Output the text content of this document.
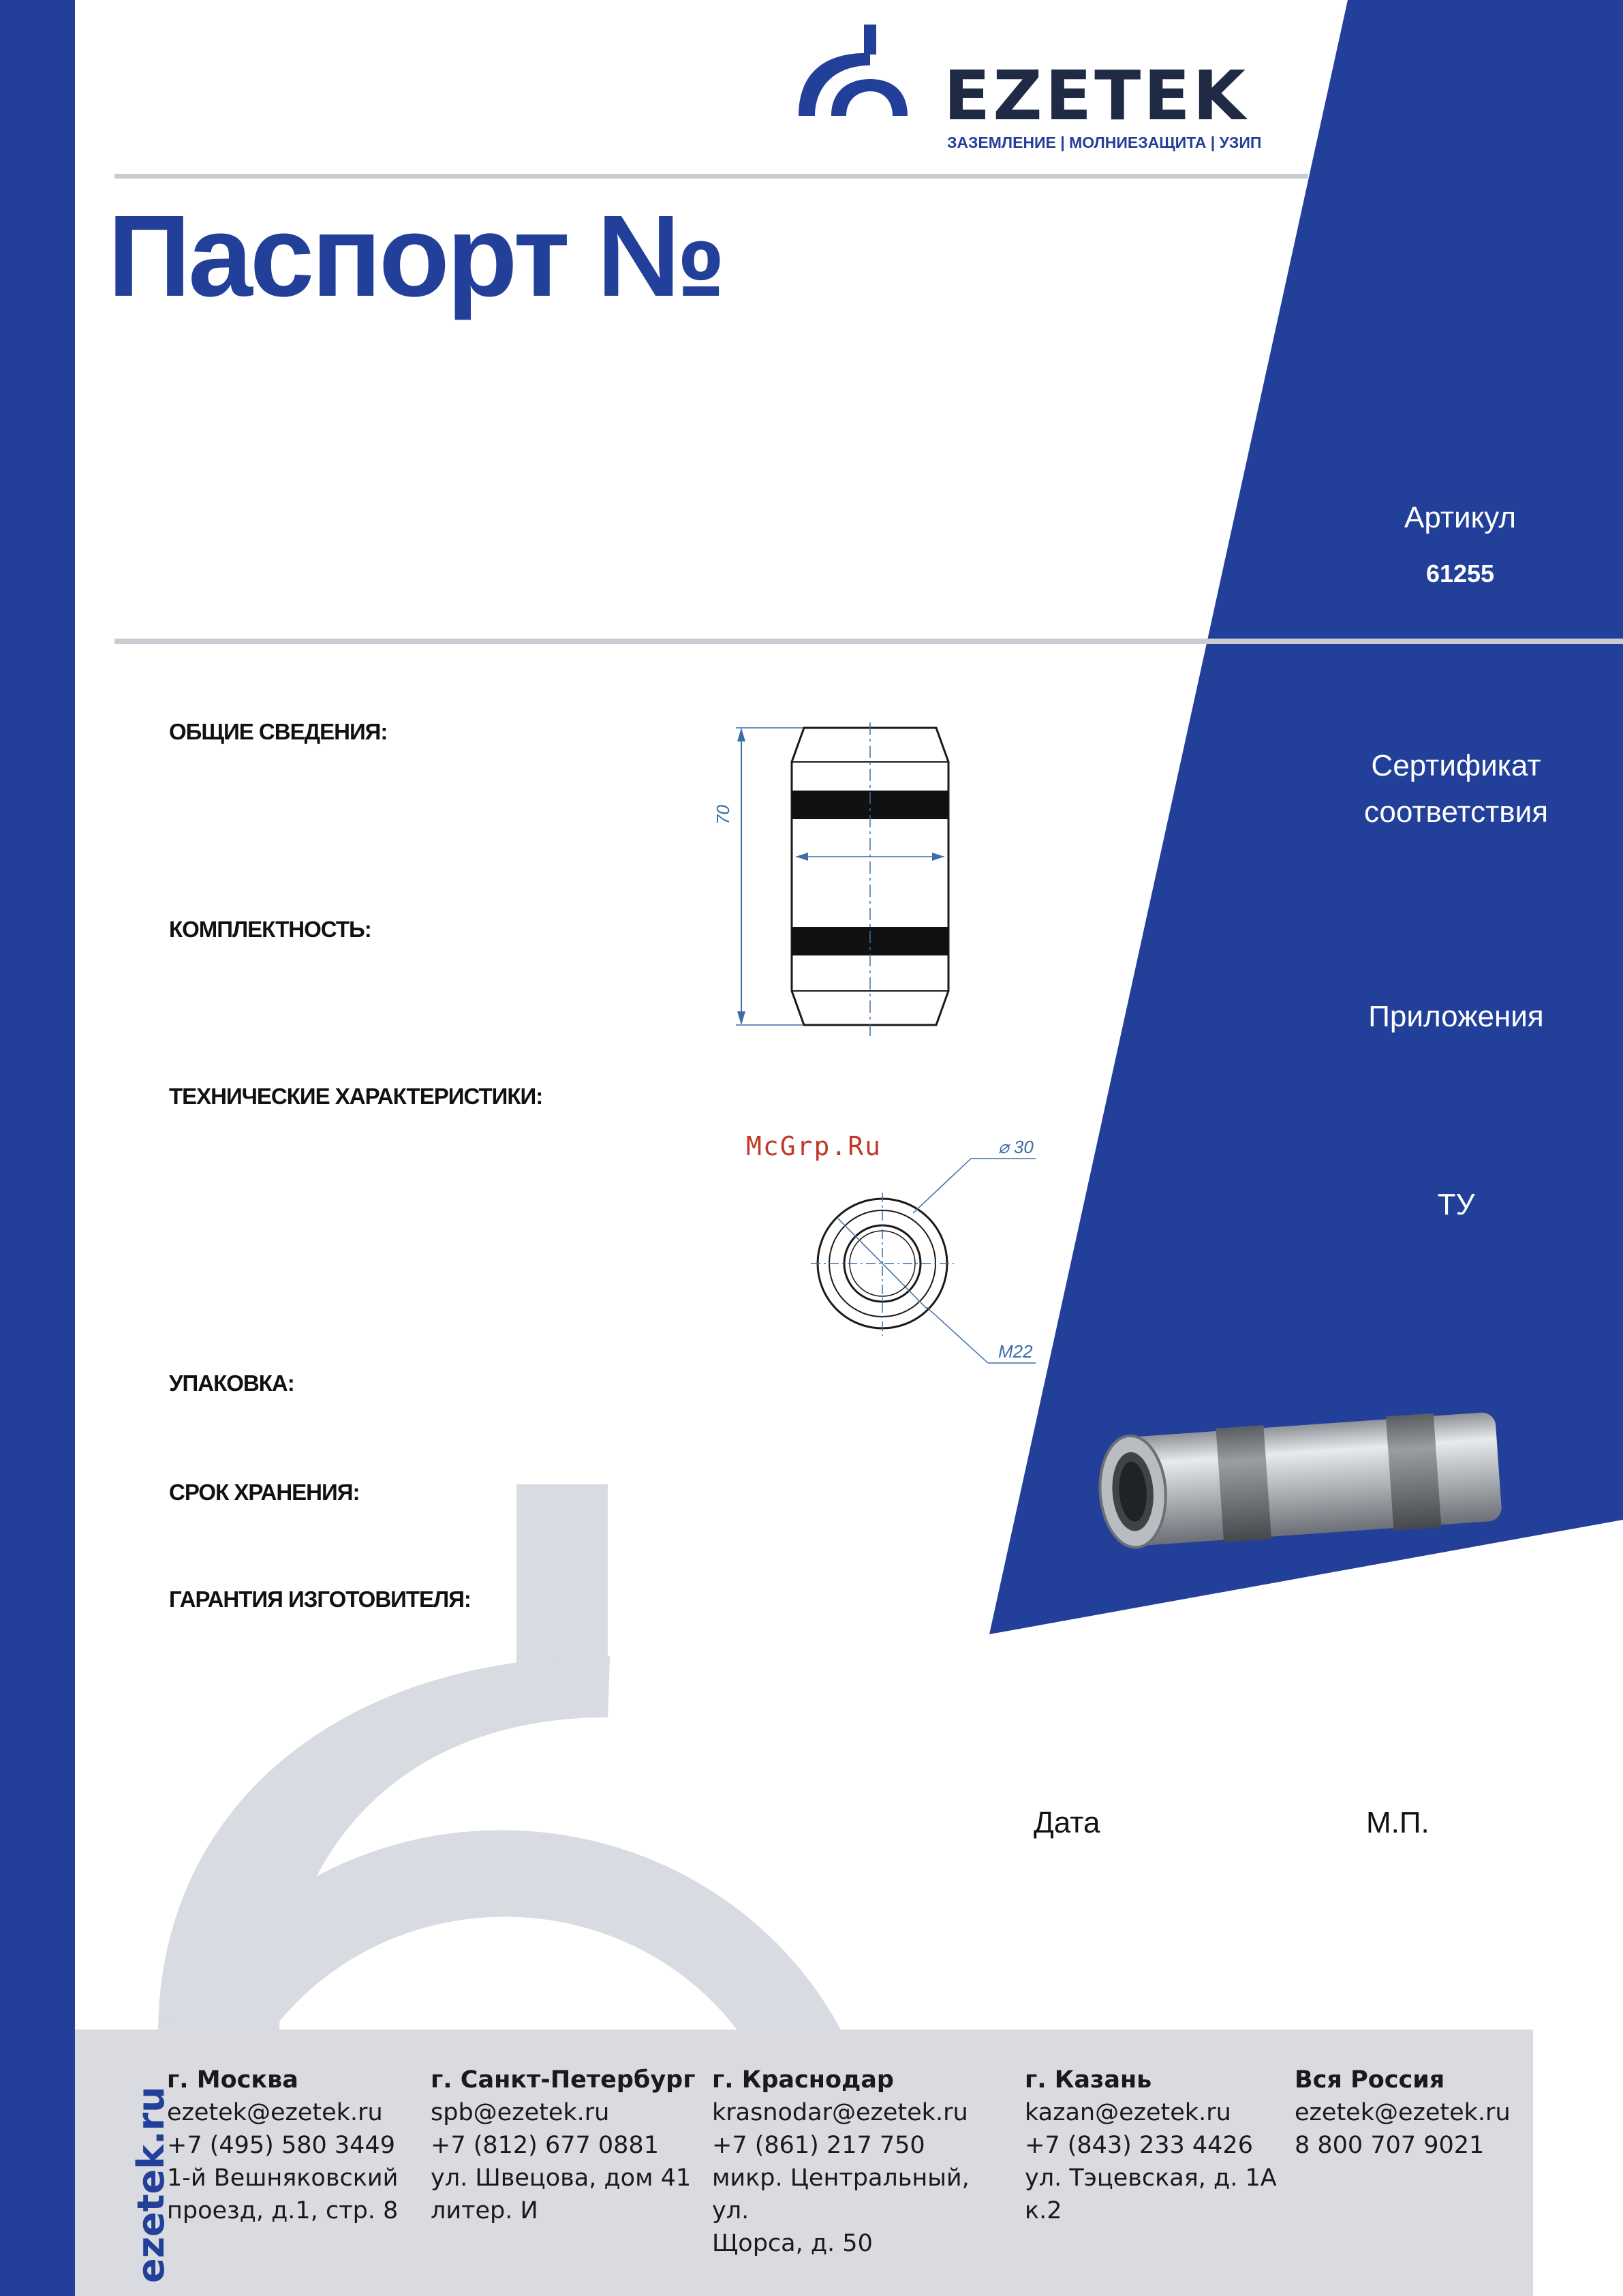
EZETEK
ЗАЗЕМЛЕНИЕ | МОЛНИЕЗАЩИТА | УЗИП
Паспорт №
Артикул
61255
Сертификат
соответствия
Приложения
ТУ
ОБЩИЕ СВЕДЕНИЯ:
КОМПЛЕКТНОСТЬ:
ТЕХНИЧЕСКИЕ ХАРАКТЕРИСТИКИ:
УПАКОВКА:
СРОК ХРАНЕНИЯ:
ГАРАНТИЯ ИЗГОТОВИТЕЛЯ:
70
⌀ 30
M22
McGrp.Ru
Дата	М.П.
ezetek.ru
г. Москва
ezetek@ezetek.ru
+7 (495) 580 3449
1-й Вешняковский
проезд, д.1, стр. 8
г. Санкт-Петербург
spb@ezetek.ru
+7 (812) 677 0881
ул. Швецова, дом 41
литер. И
г. Краснодар
krasnodar@ezetek.ru
+7 (861) 217 750
микр. Центральный, ул.
Щорса, д. 50
г. Казань
kazan@ezetek.ru
+7 (843) 233 4426
ул. Тэцевская, д. 1А
к.2
Вся Россия
ezetek@ezetek.ru
8 800 707 9021
